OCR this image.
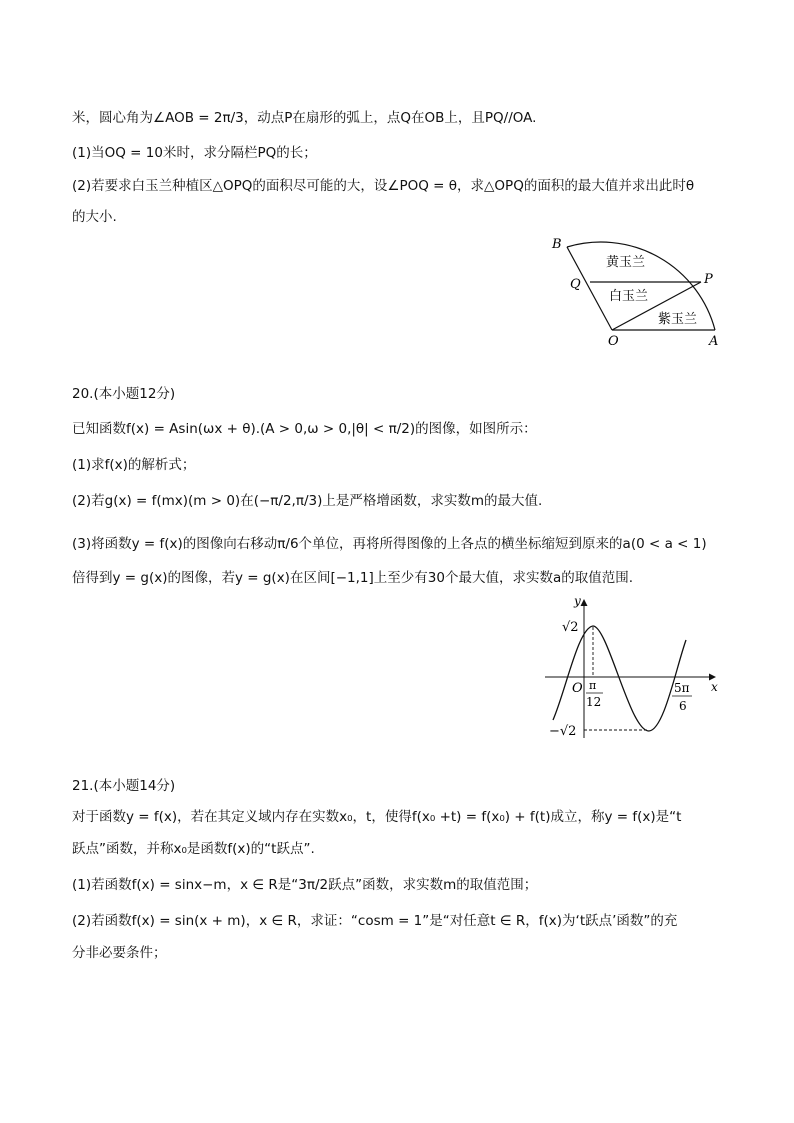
米，圆心角为∠AOB = 2π/3，动点P在扇形的弧上，点Q在OB上，且PQ//OA.
(1)当OQ = 10米时，求分隔栏PQ的长；
(2)若要求白玉兰种植区△OPQ的面积尽可能的大，设∠POQ = θ，求△OPQ的面积的最大值并求出此时θ
的大小.
B
Q	P
O	A
黄玉兰
白玉兰
紫玉兰
20.(本小题12分)
已知函数f(x) = Asin(ωx + θ).(A > 0,ω > 0,|θ| < π/2)的图像，如图所示：
(1)求f(x)的解析式；
(2)若g(x) = f(mx)(m > 0)在(−π/2,π/3)上是严格增函数，求实数m的最大值.
(3)将函数y = f(x)的图像向右移动π/6个单位，再将所得图像的上各点的横坐标缩短到原来的a(0 < a < 1)
倍得到y = g(x)的图像，若y = g(x)在区间[−1,1]上至少有30个最大值，求实数a的取值范围.
y
x
O
√2
−√2
π
12
5π
6
21.(本小题14分)
对于函数y = f(x)，若在其定义域内存在实数x₀，t，使得f(x₀ +t) = f(x₀) + f(t)成立，称y = f(x)是“t
跃点”函数，并称x₀是函数f(x)的“t跃点”.
(1)若函数f(x) = sinx−m，x ∈ R是“3π/2跃点”函数，求实数m的取值范围；
(2)若函数f(x) = sin(x + m)，x ∈ R，求证：“cosm = 1”是“对任意t ∈ R，f(x)为‘t跃点’函数”的充
分非必要条件；
